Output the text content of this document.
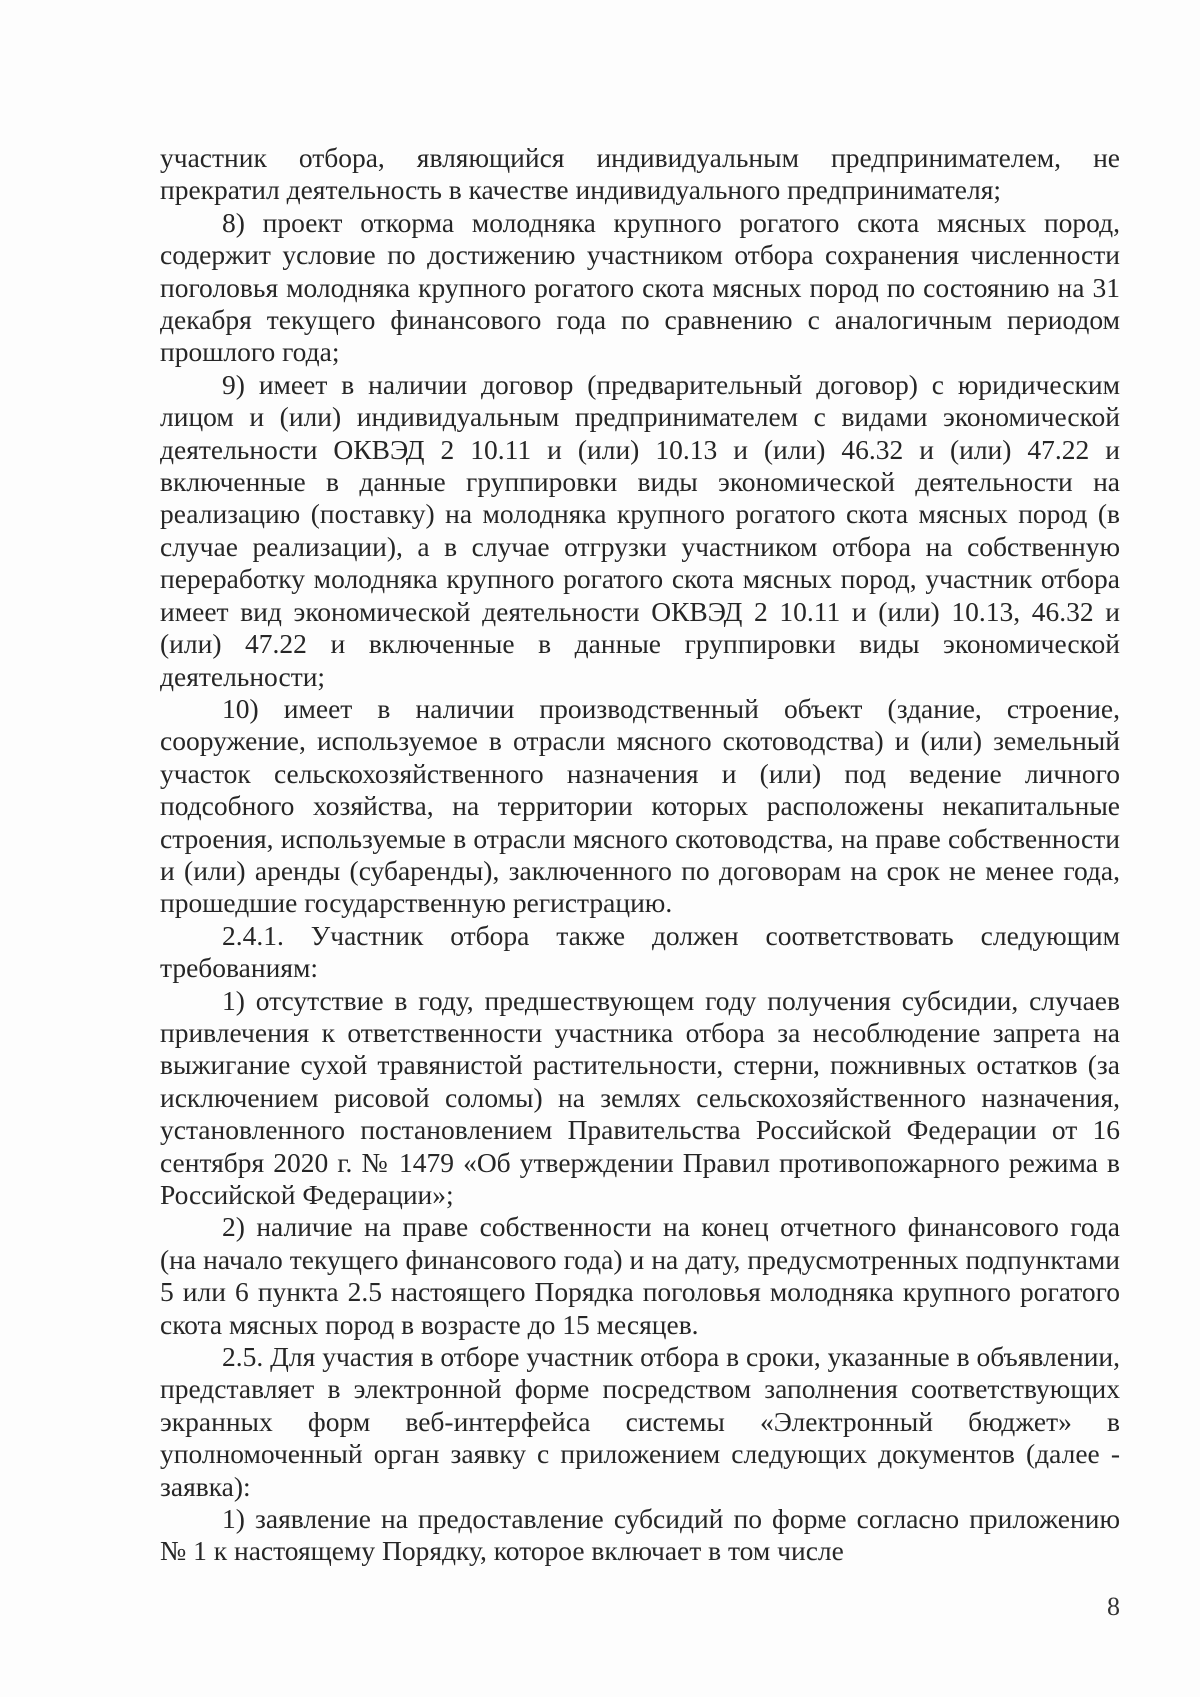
участник отбора, являющийся индивидуальным предпринимателем, не прекратил деятельность в качестве индивидуального предпринимателя;

8) проект откорма молодняка крупного рогатого скота мясных пород, содержит условие по достижению участником отбора сохранения численности поголовья молодняка крупного рогатого скота мясных пород по состоянию на 31 декабря текущего финансового года по сравнению с аналогичным периодом прошлого года;

9) имеет в наличии договор (предварительный договор) с юридическим лицом и (или) индивидуальным предпринимателем с видами экономической деятельности ОКВЭД 2 10.11 и (или) 10.13 и (или) 46.32 и (или) 47.22 и включенные в данные группировки виды экономической деятельности на реализацию (поставку) на молодняка крупного рогатого скота мясных пород (в случае реализации), а в случае отгрузки участником отбора на собственную переработку молодняка крупного рогатого скота мясных пород, участник отбора имеет вид экономической деятельности ОКВЭД 2 10.11 и (или) 10.13, 46.32 и (или) 47.22 и включенные в данные группировки виды экономической деятельности;

10) имеет в наличии производственный объект (здание, строение, сооружение, используемое в отрасли мясного скотоводства) и (или) земельный участок сельскохозяйственного назначения и (или) под ведение личного подсобного хозяйства, на территории которых расположены некапитальные строения, используемые в отрасли мясного скотоводства, на праве собственности и (или) аренды (субаренды), заключенного по договорам на срок не менее года, прошедшие государственную регистрацию.

2.4.1. Участник отбора также должен соответствовать следующим требованиям:

1) отсутствие в году, предшествующем году получения субсидии, случаев привлечения к ответственности участника отбора за несоблюдение запрета на выжигание сухой травянистой растительности, стерни, пожнивных остатков (за исключением рисовой соломы) на землях сельскохозяйственного назначения, установленного постановлением Правительства Российской Федерации от 16 сентября 2020 г. № 1479 «Об утверждении Правил противопожарного режима в Российской Федерации»;

2) наличие на праве собственности на конец отчетного финансового года (на начало текущего финансового года) и на дату, предусмотренных подпунктами 5 или 6 пункта 2.5 настоящего Порядка поголовья молодняка крупного рогатого скота мясных пород в возрасте до 15 месяцев.

2.5. Для участия в отборе участник отбора в сроки, указанные в объявлении, представляет в электронной форме посредством заполнения соответствующих экранных форм веб-интерфейса системы «Электронный бюджет» в уполномоченный орган заявку с приложением следующих документов (далее - заявка):

1) заявление на предоставление субсидий по форме согласно приложению № 1 к настоящему Порядку, которое включает в том числе

8
